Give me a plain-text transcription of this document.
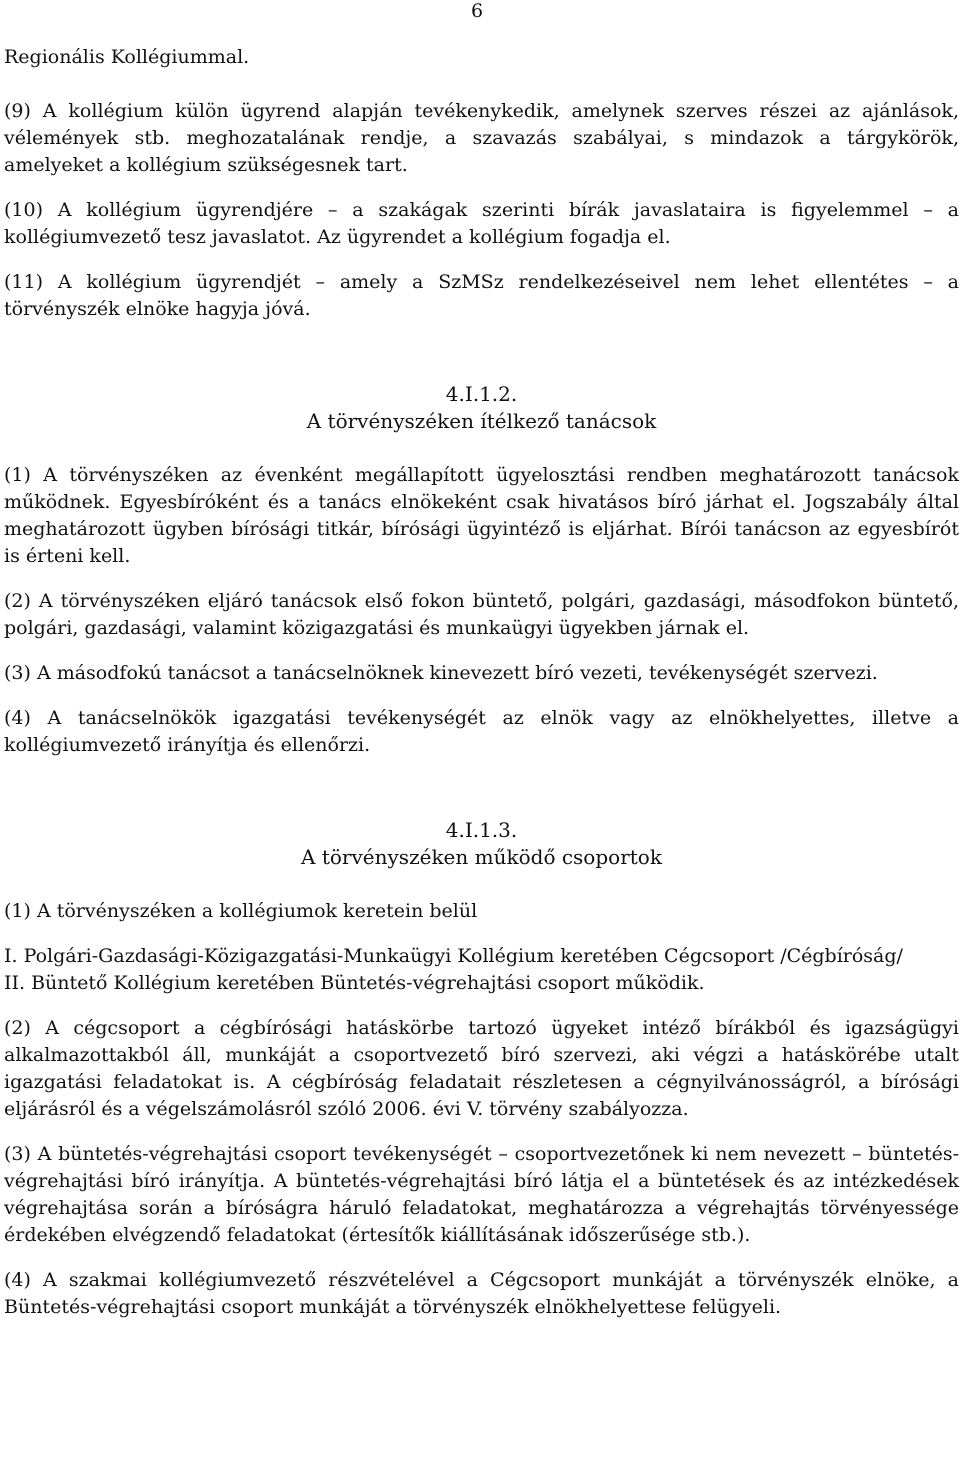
6

Regionális Kollégiummal.

(9) A kollégium külön ügyrend alapján tevékenykedik, amelynek szerves részei az ajánlások, vélemények stb. meghozatalának rendje, a szavazás szabályai, s mindazok a tárgykörök, amelyeket a kollégium szükségesnek tart.

(10) A kollégium ügyrendjére – a szakágak szerinti bírák javaslataira is figyelemmel – a kollégiumvezető tesz javaslatot. Az ügyrendet a kollégium fogadja el.

(11) A kollégium ügyrendjét – amely a SzMSz rendelkezéseivel nem lehet ellentétes – a törvényszék elnöke hagyja jóvá.

4.I.1.2.

A törvényszéken ítélkező tanácsok

(1) A törvényszéken az évenként megállapított ügyelosztási rendben meghatározott tanácsok működnek. Egyesbíróként és a tanács elnökeként csak hivatásos bíró járhat el. Jogszabály által meghatározott ügyben bírósági titkár, bírósági ügyintéző is eljárhat. Bírói tanácson az egyesbírót is érteni kell.

(2) A törvényszéken eljáró tanácsok első fokon büntető, polgári, gazdasági, másodfokon büntető, polgári, gazdasági, valamint közigazgatási és munkaügyi ügyekben járnak el.

(3) A másodfokú tanácsot a tanácselnöknek kinevezett bíró vezeti, tevékenységét szervezi.

(4) A tanácselnökök igazgatási tevékenységét az elnök vagy az elnökhelyettes, illetve a kollégiumvezető irányítja és ellenőrzi.

4.I.1.3.

A törvényszéken működő csoportok

(1) A törvényszéken a kollégiumok keretein belül

I. Polgári-Gazdasági-Közigazgatási-Munkaügyi Kollégium keretében Cégcsoport /Cégbíróság/

II. Büntető Kollégium keretében Büntetés-végrehajtási csoport működik.

(2) A cégcsoport a cégbírósági hatáskörbe tartozó ügyeket intéző bírákból és igazságügyi alkalmazottakból áll, munkáját a csoportvezető bíró szervezi, aki végzi a hatáskörébe utalt igazgatási feladatokat is. A cégbíróság feladatait részletesen a cégnyilvánosságról, a bírósági eljárásról és a végelszámolásról szóló 2006. évi V. törvény szabályozza.

(3) A büntetés-végrehajtási csoport tevékenységét – csoportvezetőnek ki nem nevezett – büntetés-végrehajtási bíró irányítja. A büntetés-végrehajtási bíró látja el a büntetések és az intézkedések végrehajtása során a bíróságra háruló feladatokat, meghatározza a végrehajtás törvényessége érdekében elvégzendő feladatokat (értesítők kiállításának időszerűsége stb.).

(4) A szakmai kollégiumvezető részvételével a Cégcsoport munkáját a törvényszék elnöke, a Büntetés-végrehajtási csoport munkáját a törvényszék elnökhelyettese felügyeli.
